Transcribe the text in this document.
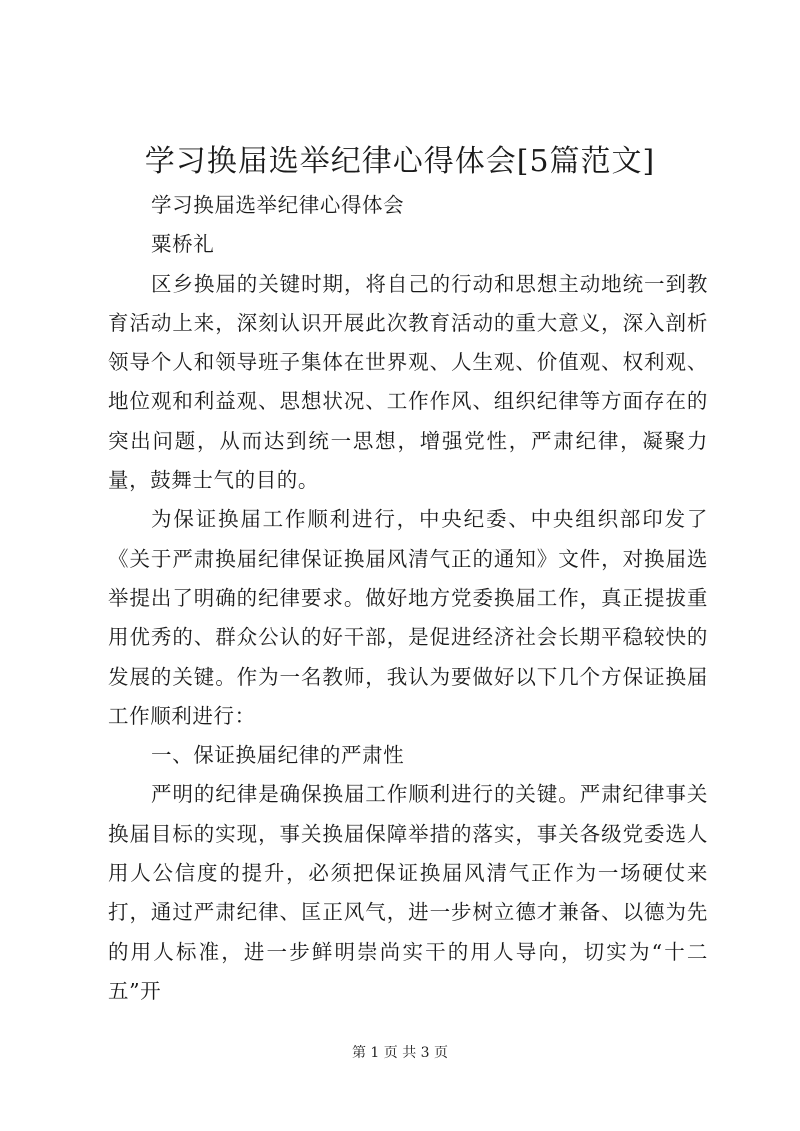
学习换届选举纪律心得体会[5篇范文]

学习换届选举纪律心得体会

粟桥礼

区乡换届的关键时期，将自己的行动和思想主动地统一到教育活动上来，深刻认识开展此次教育活动的重大意义，深入剖析领导个人和领导班子集体在世界观、人生观、价值观、权利观、地位观和利益观、思想状况、工作作风、组织纪律等方面存在的突出问题，从而达到统一思想，增强党性，严肃纪律，凝聚力量，鼓舞士气的目的。

为保证换届工作顺利进行，中央纪委、中央组织部印发了《关于严肃换届纪律保证换届风清气正的通知》文件，对换届选举提出了明确的纪律要求。做好地方党委换届工作，真正提拔重用优秀的、群众公认的好干部，是促进经济社会长期平稳较快的发展的关键。作为一名教师，我认为要做好以下几个方保证换届工作顺利进行：

一、保证换届纪律的严肃性

严明的纪律是确保换届工作顺利进行的关键。严肃纪律事关换届目标的实现，事关换届保障举措的落实，事关各级党委选人用人公信度的提升，必须把保证换届风清气正作为一场硬仗来打，通过严肃纪律、匡正风气，进一步树立德才兼备、以德为先的用人标准，进一步鲜明崇尚实干的用人导向，切实为“十二五”开

第 1 页 共 3 页
